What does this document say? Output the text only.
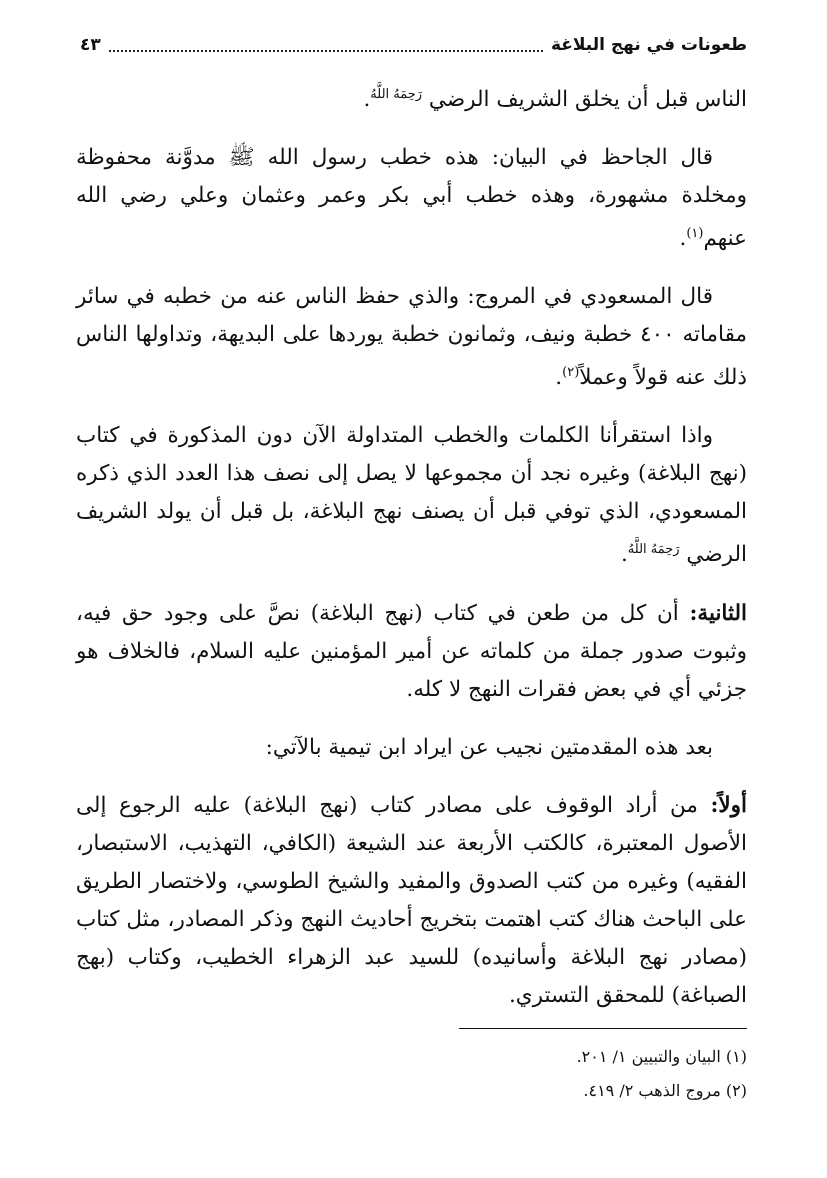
طعونات في نهج البلاغة
٤٣

الناس قبل أن يخلق الشريف الرضي $^{رَحِمَهُ اللَّهُ}$.

قال الجاحظ في البيان: هذه خطب رسول الله ﷺ مدوَّنة محفوظة ومخلدة مشهورة، وهذه خطب أبي بكر وعمر وعثمان وعلي رضي الله عنهم$^{(١)}$.

قال المسعودي في المروج: والذي حفظ الناس عنه من خطبه في سائر مقاماته ٤٠٠ خطبة ونيف، وثمانون خطبة يوردها على البديهة، وتداولها الناس ذلك عنه قولاً وعملاً$^{(٢)}$.

واذا استقرأنا الكلمات والخطب المتداولة الآن دون المذكورة في كتاب (نهج البلاغة) وغيره نجد أن مجموعها لا يصل إلى نصف هذا العدد الذي ذكره المسعودي، الذي توفي قبل أن يصنف نهج البلاغة، بل قبل أن يولد الشريف الرضي $^{رَحِمَهُ اللَّهُ}$.

الثانية: أن كل من طعن في كتاب (نهج البلاغة) نصَّ على وجود حق فيه، وثبوت صدور جملة من كلماته عن أمير المؤمنين عليه السلام، فالخلاف هو جزئي أي في بعض فقرات النهج لا كله.

بعد هذه المقدمتين نجيب عن ايراد ابن تيمية بالآتي:

أولاً: من أراد الوقوف على مصادر كتاب (نهج البلاغة) عليه الرجوع إلى الأصول المعتبرة، كالكتب الأربعة عند الشيعة (الكافي، التهذيب، الاستبصار، الفقيه) وغيره من كتب الصدوق والمفيد والشيخ الطوسي، ولاختصار الطريق على الباحث هناك كتب اهتمت بتخريج أحاديث النهج وذكر المصادر، مثل كتاب (مصادر نهج البلاغة وأسانيده) للسيد عبد الزهراء الخطيب، وكتاب (بهج الصباغة) للمحقق التستري.

(١) البيان والتبيين ١/ ٢٠١.
(٢) مروج الذهب ٢/ ٤١٩.
